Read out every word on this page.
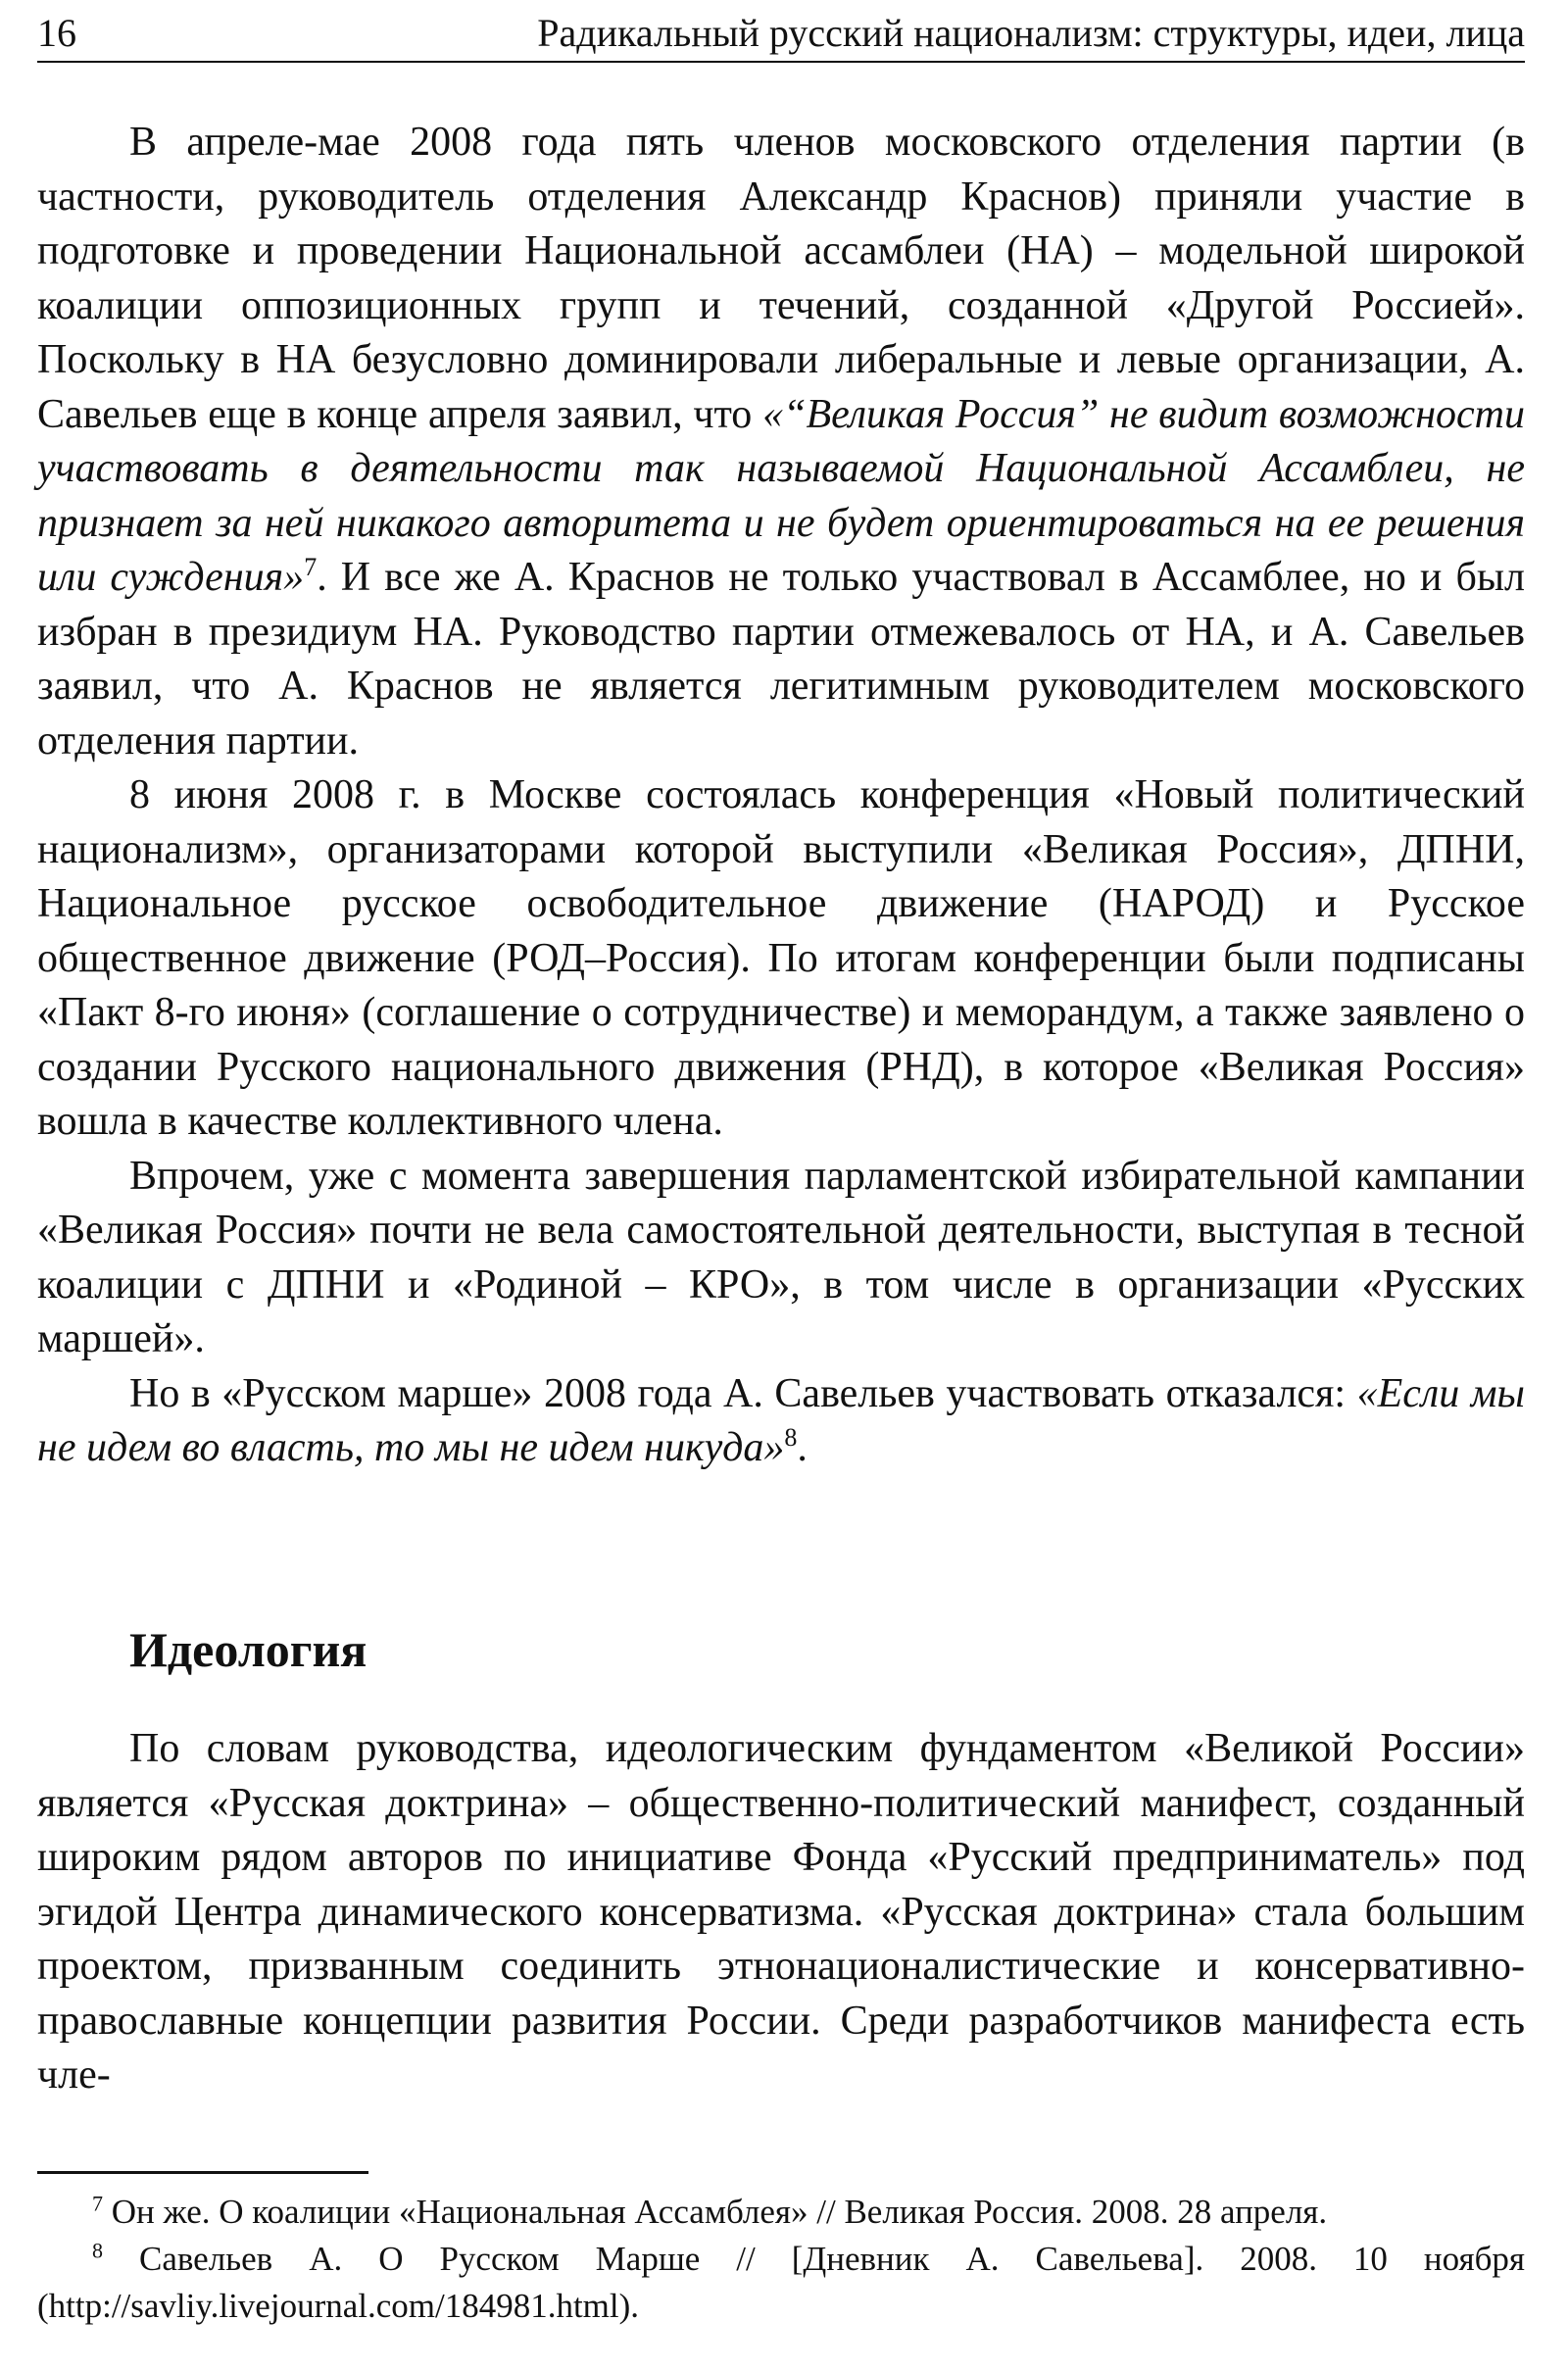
16	Радикальный русский национализм: структуры, идеи, лица

В апреле-мае 2008 года пять членов московского отделения партии (в частности, руководитель отделения Александр Краснов) приняли участие в подготовке и проведении Национальной ассамблеи (НА) – модельной широкой коалиции оппозиционных групп и течений, созданной «Другой Россией». Поскольку в НА безусловно доминировали либеральные и левые организации, А. Савельев еще в конце апреля заявил, что «“Великая Россия” не видит возможности участвовать в деятельности так называемой Национальной Ассамблеи, не признает за ней никакого авторитета и не будет ориентироваться на ее решения или суждения»$^7$. И все же А. Краснов не только участвовал в Ассамблее, но и был избран в президиум НА. Руководство партии отмежевалось от НА, и А. Савельев заявил, что А. Краснов не является легитимным руководителем московского отделения партии.

8 июня 2008 г. в Москве состоялась конференция «Новый политический национализм», организаторами которой выступили «Великая Россия», ДПНИ, Национальное русское освободительное движение (НАРОД) и Русское общественное движение (РОД–Россия). По итогам конференции были подписаны «Пакт 8-го июня» (соглашение о сотрудничестве) и меморандум, а также заявлено о создании Русского национального движения (РНД), в которое «Великая Россия» вошла в качестве коллективного члена.

Впрочем, уже с момента завершения парламентской избирательной кампании «Великая Россия» почти не вела самостоятельной деятельности, выступая в тесной коалиции с ДПНИ и «Родиной – КРО», в том числе в организации «Русских маршей».

Но в «Русском марше» 2008 года А. Савельев участвовать отказался: «Если мы не идем во власть, то мы не идем никуда»$^8$.

Идеология

По словам руководства, идеологическим фундаментом «Великой России» является «Русская доктрина» – общественно-политический манифест, созданный широким рядом авторов по инициативе Фонда «Русский предприниматель» под эгидой Центра динамического консерватизма. «Русская доктрина» стала большим проектом, призванным соединить этнонационалистические и консервативно-православные концепции развития России. Среди разработчиков манифеста есть чле-

$^7$ Он же. О коалиции «Национальная Ассамблея» // Великая Россия. 2008. 28 апреля.

$^8$ Савельев А. О Русском Марше // [Дневник А. Савельева]. 2008. 10 ноября (http://savliy.livejournal.com/184981.html).
